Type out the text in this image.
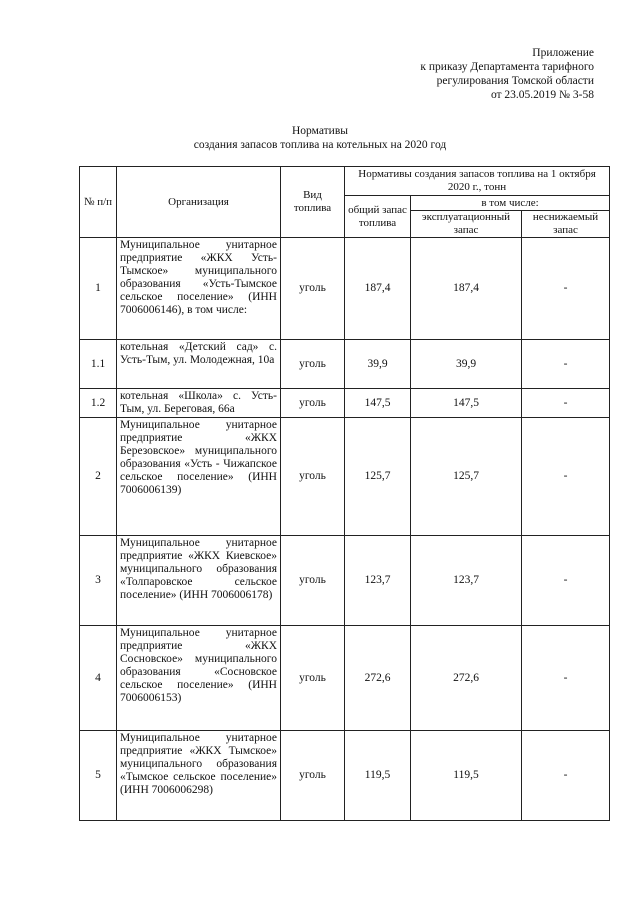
Приложение
к приказу Департамента тарифного
регулирования Томской области
от 23.05.2019 № 3-58
Нормативы
создания запасов топлива на котельных на 2020 год
№ п/п	Организация	Вид топлива	Нормативы создания запасов топлива на 1 октября 2020 г., тонн		
			общий запас топлива	в том числе:	
				эксплуатационный запас	неснижаемый запас
1	Муниципальное унитарное предприятие «ЖКХ Усть-Тымское» муниципального образования «Усть-Тымское сельское поселение» (ИНН 7006006146), в том числе:	уголь	187,4	187,4	-
1.1	котельная «Детский сад» с. Усть-Тым, ул. Молодежная, 10а	уголь	39,9	39,9	-
1.2	котельная «Школа» с. Усть-Тым, ул. Береговая, 66а	уголь	147,5	147,5	-
2	Муниципальное унитарное предприятие «ЖКХ Березовское» муниципального образования «Усть - Чижапское сельское поселение» (ИНН 7006006139)	уголь	125,7	125,7	-
3	Муниципальное унитарное предприятие «ЖКХ Киевское» муниципального образования «Толпаровское сельское поселение» (ИНН 7006006178)	уголь	123,7	123,7	-
4	Муниципальное унитарное предприятие «ЖКХ Сосновское» муниципального образования «Сосновское сельское поселение» (ИНН 7006006153)	уголь	272,6	272,6	-
5	Муниципальное унитарное предприятие «ЖКХ Тымское» муниципального образования «Тымское сельское поселение» (ИНН 7006006298)	уголь	119,5	119,5	-
